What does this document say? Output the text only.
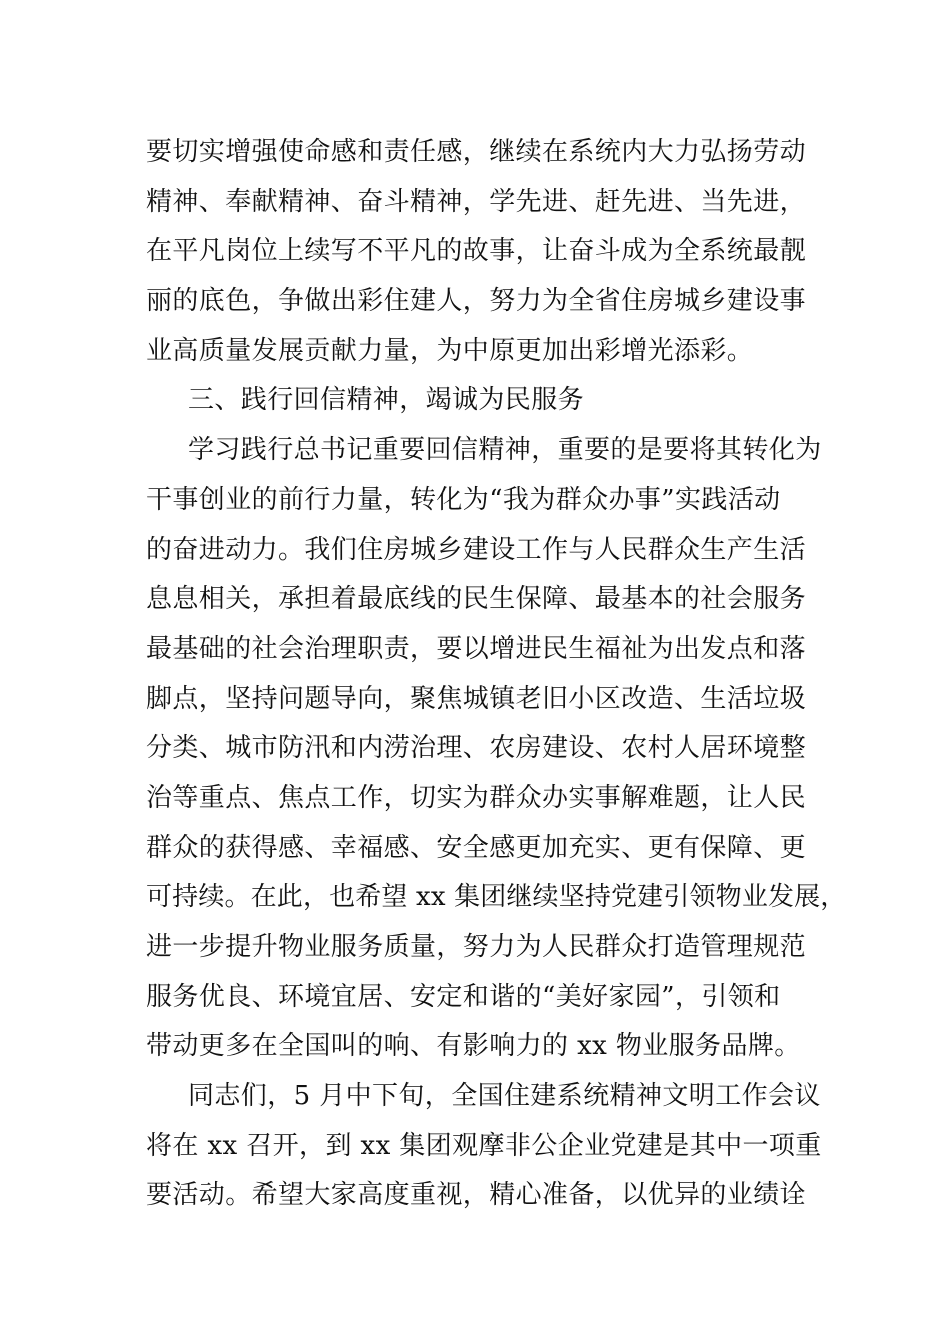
要切实增强使命感和责任感，继续在系统内大力弘扬劳动
精神、奉献精神、奋斗精神，学先进、赶先进、当先进，
在平凡岗位上续写不平凡的故事，让奋斗成为全系统最靓
丽的底色，争做出彩住建人，努力为全省住房城乡建设事
业高质量发展贡献力量，为中原更加出彩增光添彩。
三、践行回信精神，竭诚为民服务
学习践行总书记重要回信精神，重要的是要将其转化为
干事创业的前行力量，转化为“我为群众办事”实践活动
的奋进动力。我们住房城乡建设工作与人民群众生产生活
息息相关，承担着最底线的民生保障、最基本的社会服务
最基础的社会治理职责，要以增进民生福祉为出发点和落
脚点，坚持问题导向，聚焦城镇老旧小区改造、生活垃圾
分类、城市防汛和内涝治理、农房建设、农村人居环境整
治等重点、焦点工作，切实为群众办实事解难题，让人民
群众的获得感、幸福感、安全感更加充实、更有保障、更
可持续。在此，也希望 xx 集团继续坚持党建引领物业发展，
进一步提升物业服务质量，努力为人民群众打造管理规范
服务优良、环境宜居、安定和谐的“美好家园”，引领和
带动更多在全国叫的响、有影响力的 xx 物业服务品牌。
同志们，5 月中下旬，全国住建系统精神文明工作会议
将在 xx 召开，到 xx 集团观摩非公企业党建是其中一项重
要活动。希望大家高度重视，精心准备，以优异的业绩诠
